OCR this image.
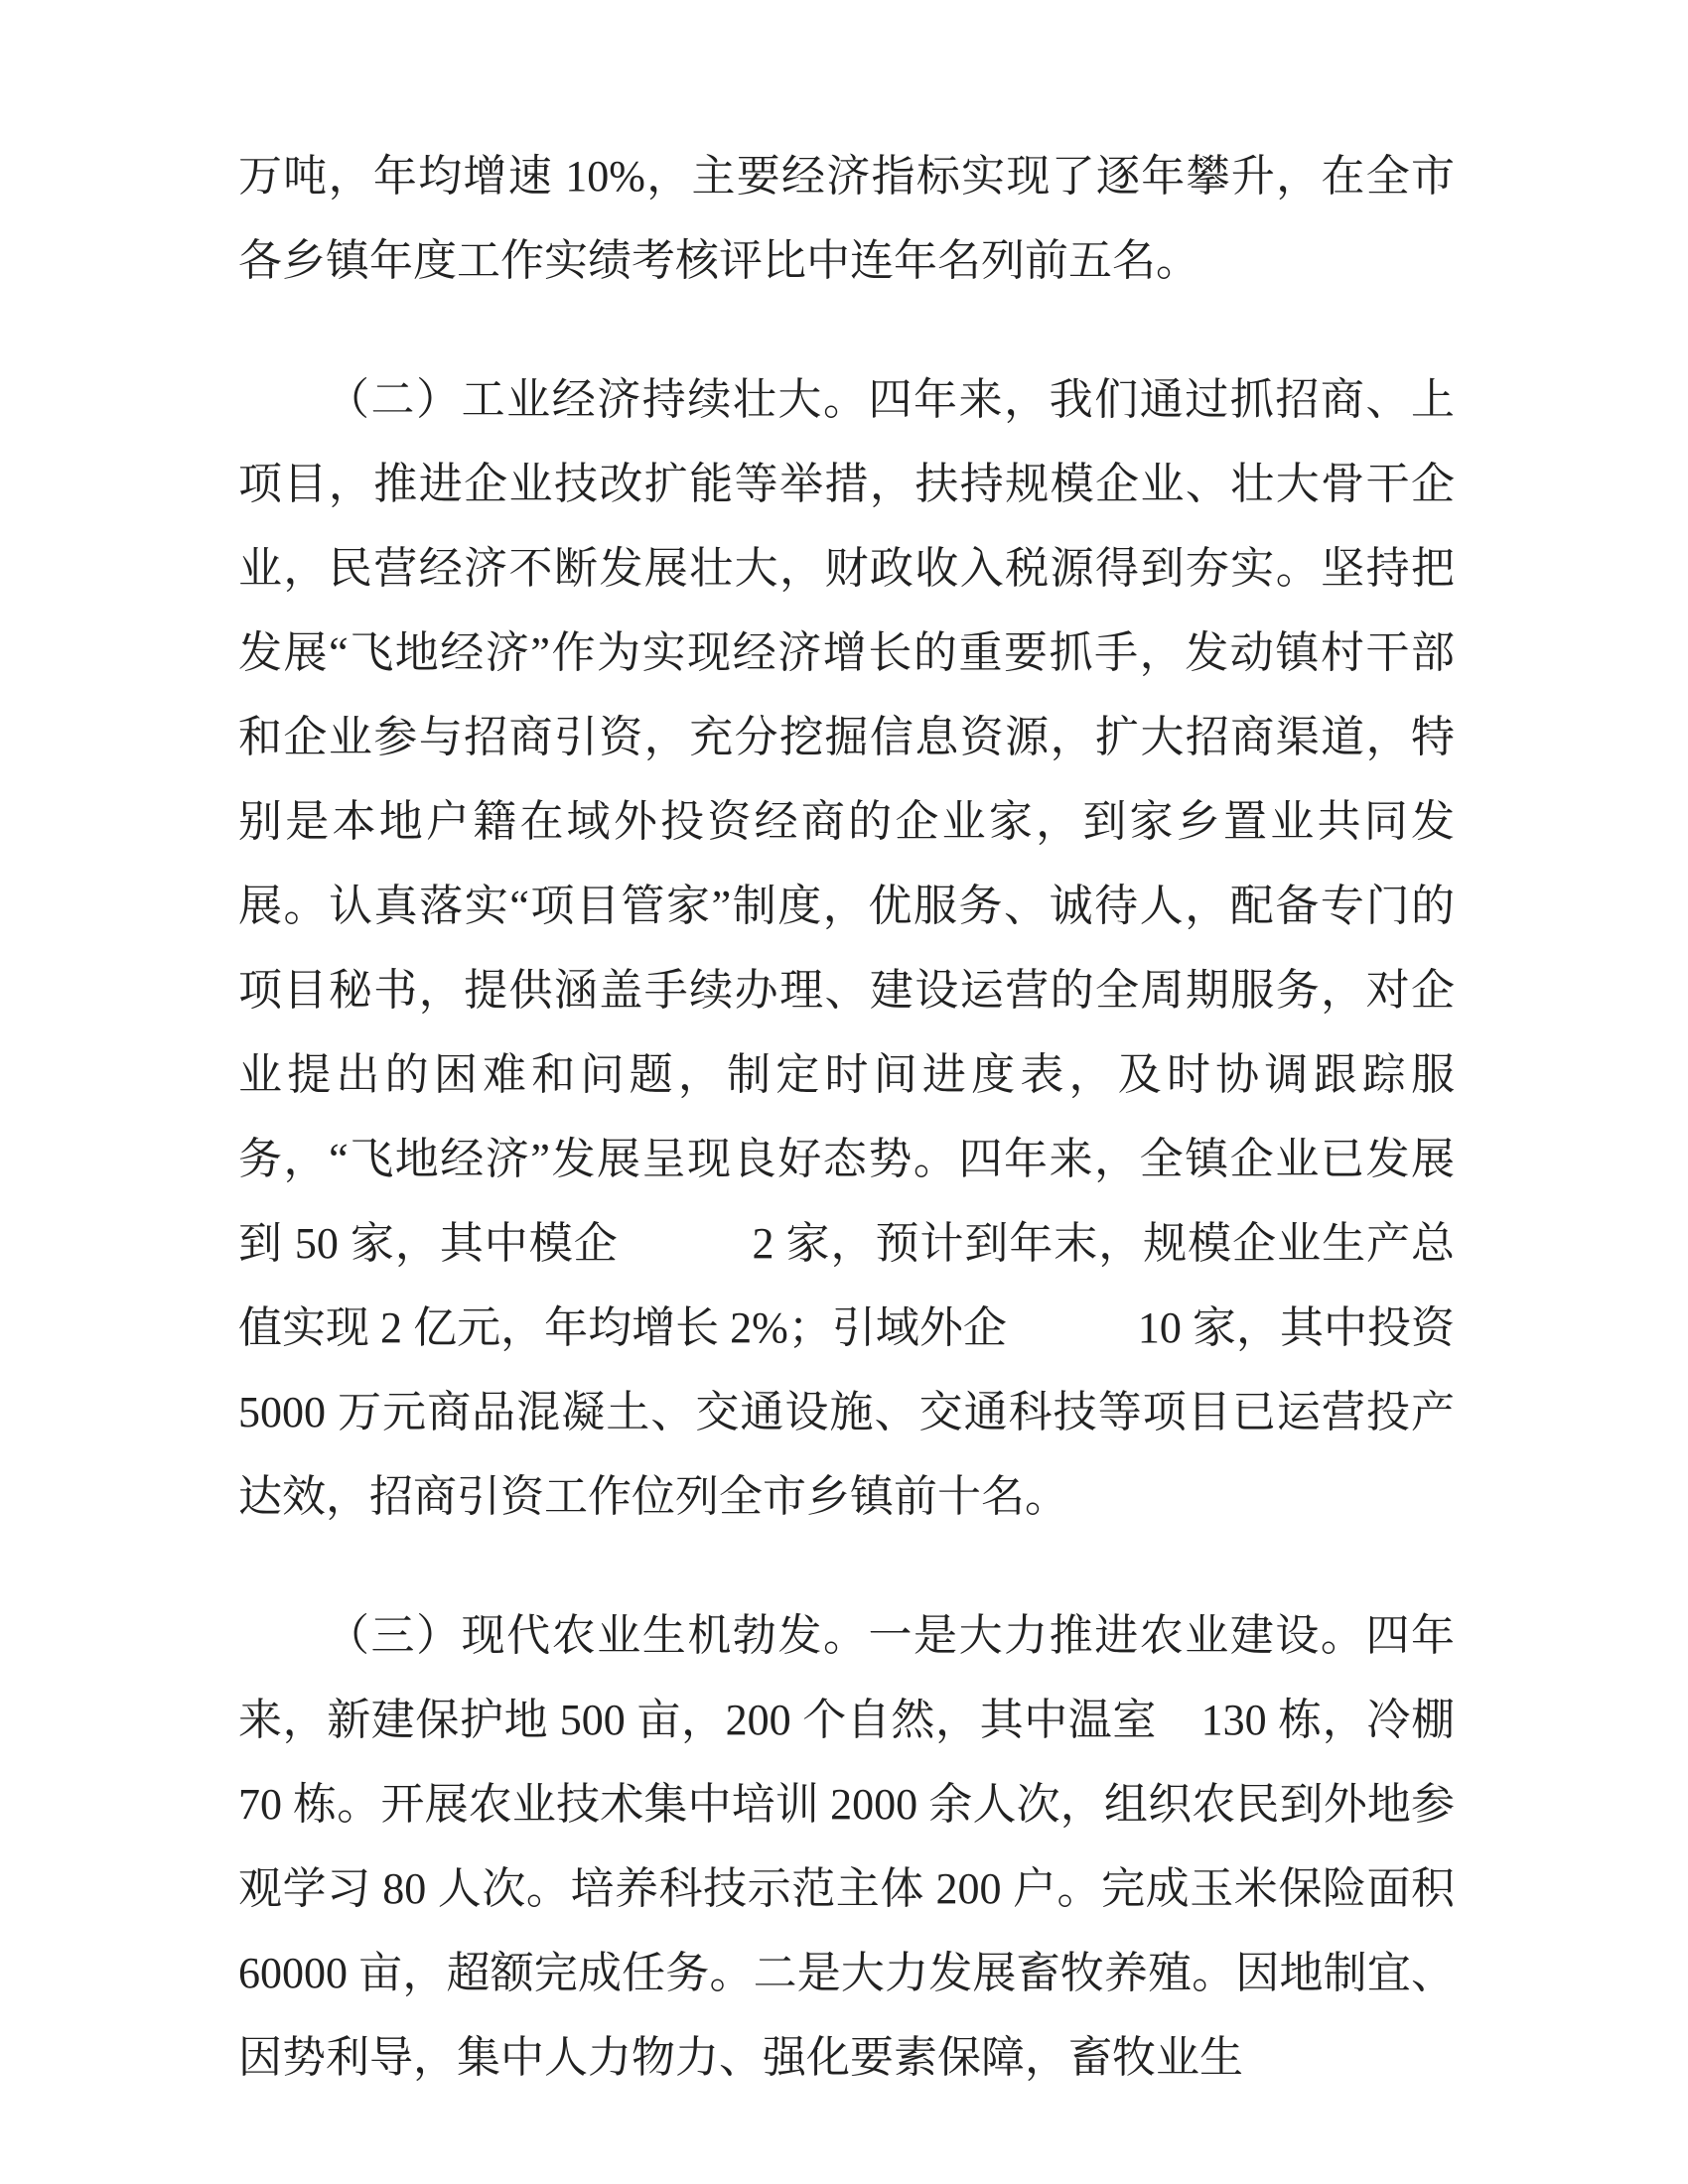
万吨，年均增速 10%，主要经济指标实现了逐年攀升，在全市各乡镇年度工作实绩考核评比中连年名列前五名。

（二）工业经济持续壮大。四年来，我们通过抓招商、上项目，推进企业技改扩能等举措，扶持规模企业、壮大骨干企业，民营经济不断发展壮大，财政收入税源得到夯实。坚持把发展“飞地经济”作为实现经济增长的重要抓手，发动镇村干部和企业参与招商引资，充分挖掘信息资源，扩大招商渠道，特别是本地户籍在域外投资经商的企业家，到家乡置业共同发展。认真落实“项目管家”制度，优服务、诚待人，配备专门的项目秘书，提供涵盖手续办理、建设运营的全周期服务，对企业提出的困难和问题，制定时间进度表，及时协调跟踪服务，“飞地经济”发展呈现良好态势。四年来，全镇企业已发展到 50 家，其中模企　　　2 家，预计到年末，规模企业生产总值实现 2 亿元，年均增长 2%；引域外企　　　10 家，其中投资 5000 万元商品混凝土、交通设施、交通科技等项目已运营投产达效，招商引资工作位列全市乡镇前十名。

（三）现代农业生机勃发。一是大力推进农业建设。四年来，新建保护地 500 亩，200 个自然，其中温室　130 栋，冷棚 70 栋。开展农业技术集中培训 2000 余人次，组织农民到外地参观学习 80 人次。培养科技示范主体 200 户。完成玉米保险面积 60000 亩，超额完成任务。二是大力发展畜牧养殖。因地制宜、因势利导，集中人力物力、强化要素保障，畜牧业生
